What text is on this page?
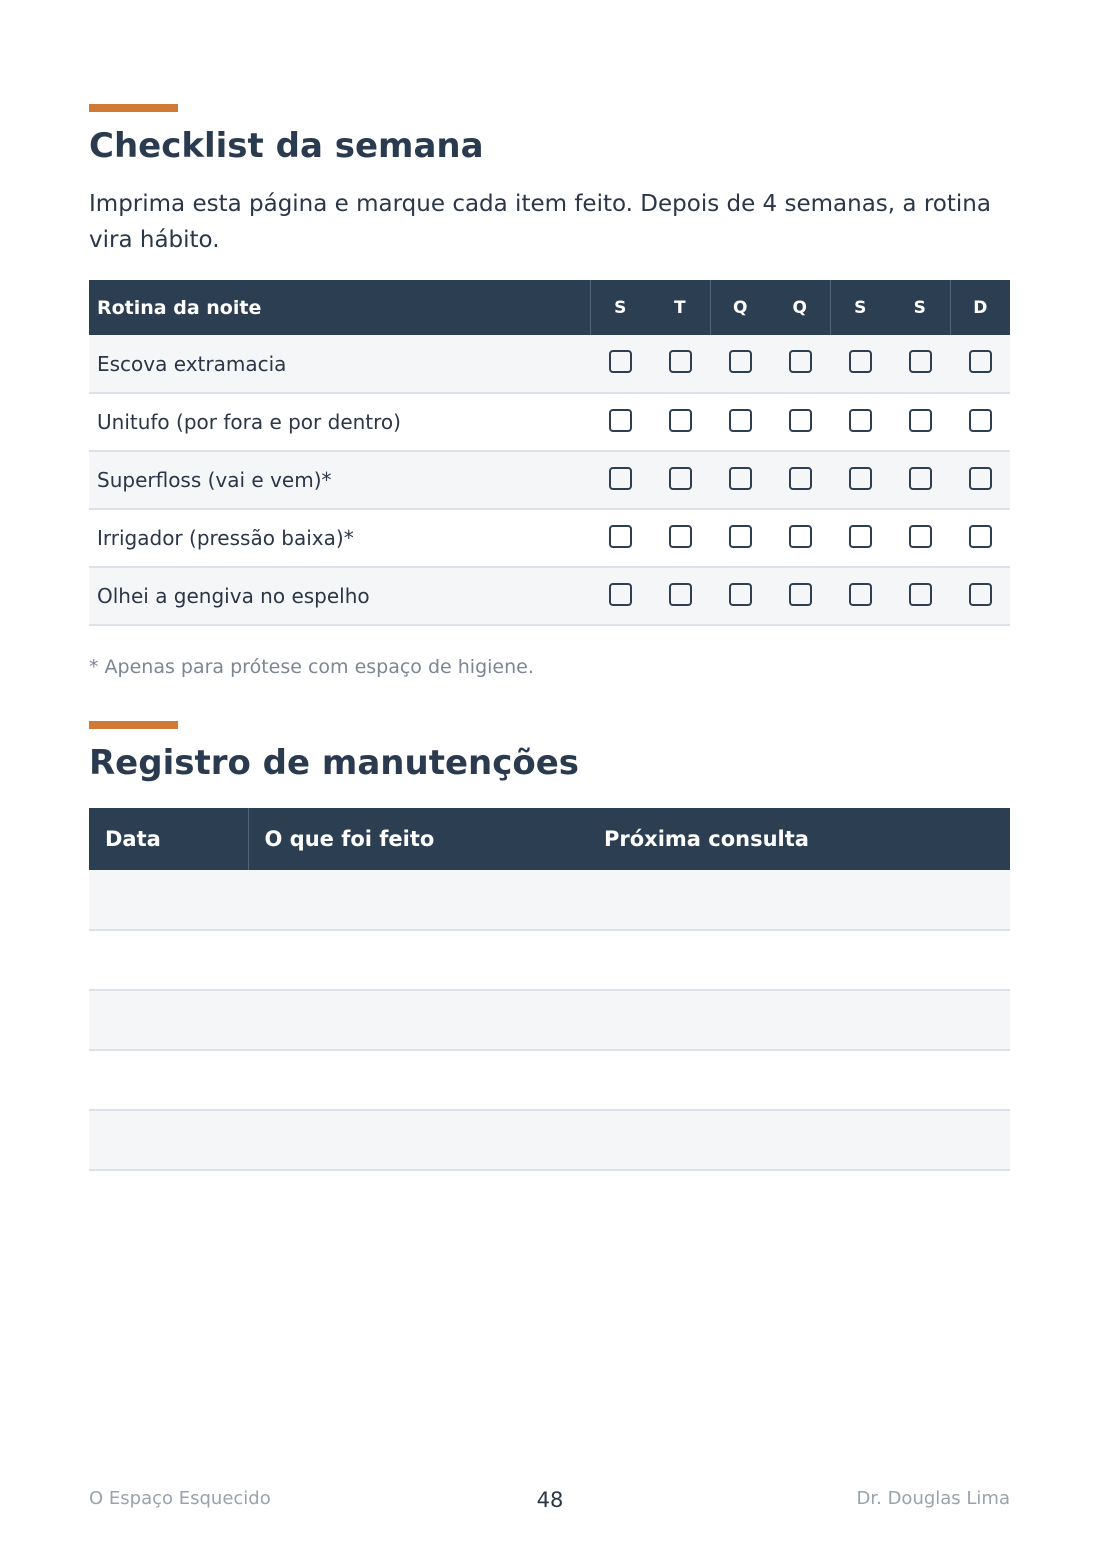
Checklist da semana

Imprima esta página e marque cada item feito. Depois de 4 semanas, a rotina vira hábito.

Rotina da noite	S	T	Q	Q	S	S	D
Escova extramacia							
Unitufo (por fora e por dentro)							
Superfloss (vai e vem)*							
Irrigador (pressão baixa)*							
Olhei a gengiva no espelho							

* Apenas para prótese com espaço de higiene.

Registro de manutenções
Data	O que foi feito	Próxima consulta

O Espaço Esquecido	48	Dr. Douglas Lima
